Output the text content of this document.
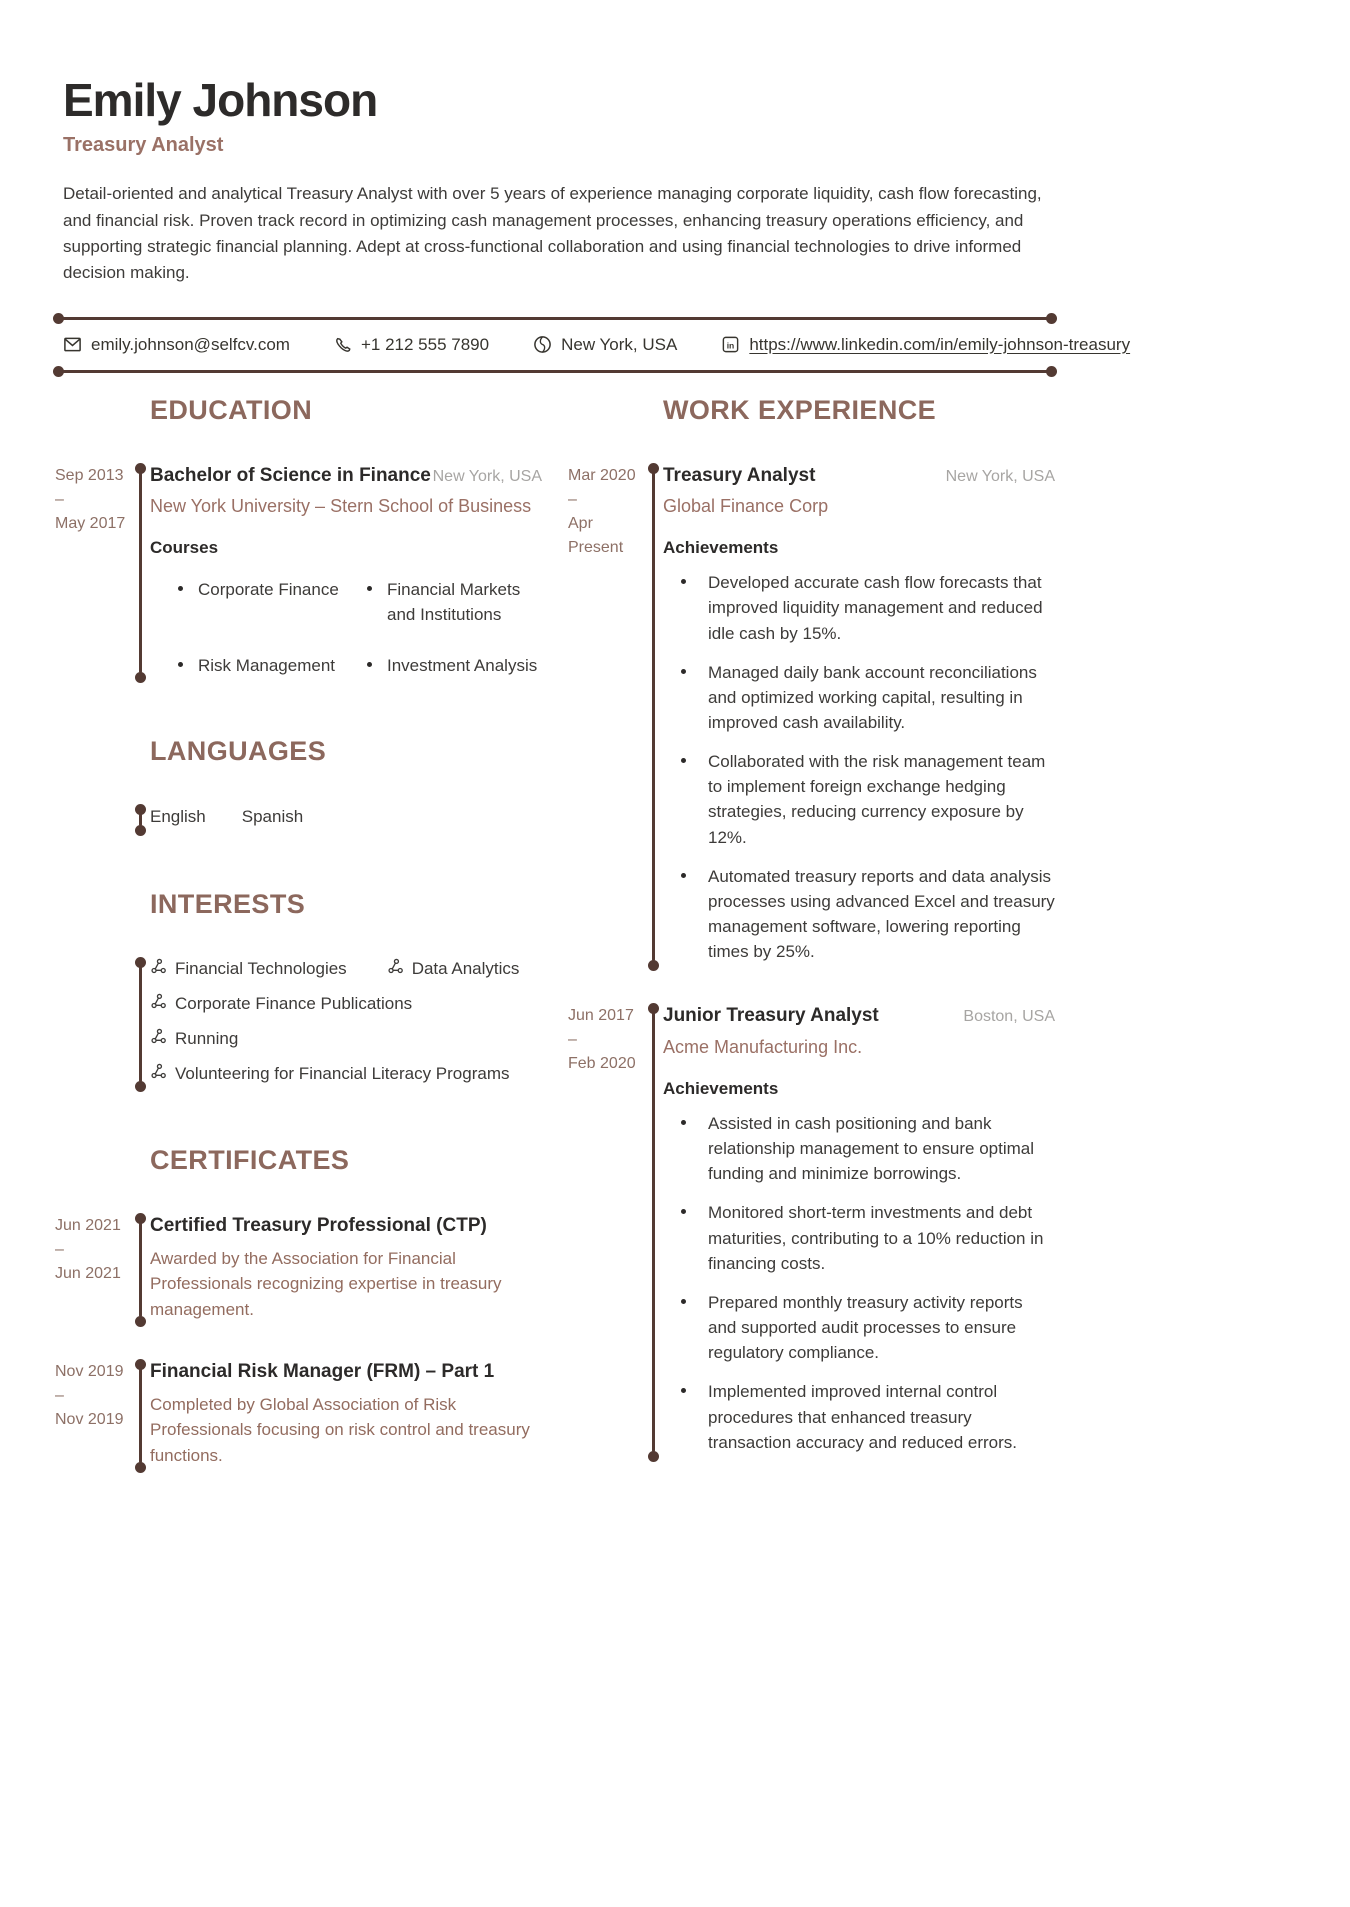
Emily Johnson
Treasury Analyst

Detail-oriented and analytical Treasury Analyst with over 5 years of experience managing corporate liquidity, cash flow forecasting, and financial risk. Proven track record in optimizing cash management processes, enhancing treasury operations efficiency, and supporting strategic financial planning. Adept at cross-functional collaboration and using financial technologies to drive informed decision making.

emily.johnson@selfcv.com	+1 212 555 7890	New York, USA	in https://www.linkedin.com/in/emily-johnson-treasury
EDUCATION
Sep 2013
–
May 2017
Bachelor of Science in Finance New York, USA
New York University – Stern School of Business
Courses
Corporate Finance	Financial Markets and Institutions
Risk Management	Investment Analysis
LANGUAGES
English Spanish
INTERESTS
Financial Technologies	Data Analytics
Corporate Finance Publications
Running
Volunteering for Financial Literacy Programs
CERTIFICATES
Jun 2021
–
Jun 2021
Certified Treasury Professional (CTP)
Awarded by the Association for Financial Professionals recognizing expertise in treasury management.
Nov 2019
–
Nov 2019
Financial Risk Manager (FRM) – Part 1
Completed by Global Association of Risk Professionals focusing on risk control and treasury functions.
WORK EXPERIENCE
Mar 2020
–
Apr
Present
Treasury Analyst	New York, USA
Global Finance Corp
Achievements
Developed accurate cash flow forecasts that improved liquidity management and reduced idle cash by 15%.
Managed daily bank account reconciliations and optimized working capital, resulting in improved cash availability.
Collaborated with the risk management team to implement foreign exchange hedging strategies, reducing currency exposure by 12%.
Automated treasury reports and data analysis processes using advanced Excel and treasury management software, lowering reporting times by 25%.
Jun 2017
–
Feb 2020
Junior Treasury Analyst	Boston, USA
Acme Manufacturing Inc.
Achievements
Assisted in cash positioning and bank relationship management to ensure optimal funding and minimize borrowings.
Monitored short-term investments and debt maturities, contributing to a 10% reduction in financing costs.
Prepared monthly treasury activity reports and supported audit processes to ensure regulatory compliance.
Implemented improved internal control procedures that enhanced treasury transaction accuracy and reduced errors.
